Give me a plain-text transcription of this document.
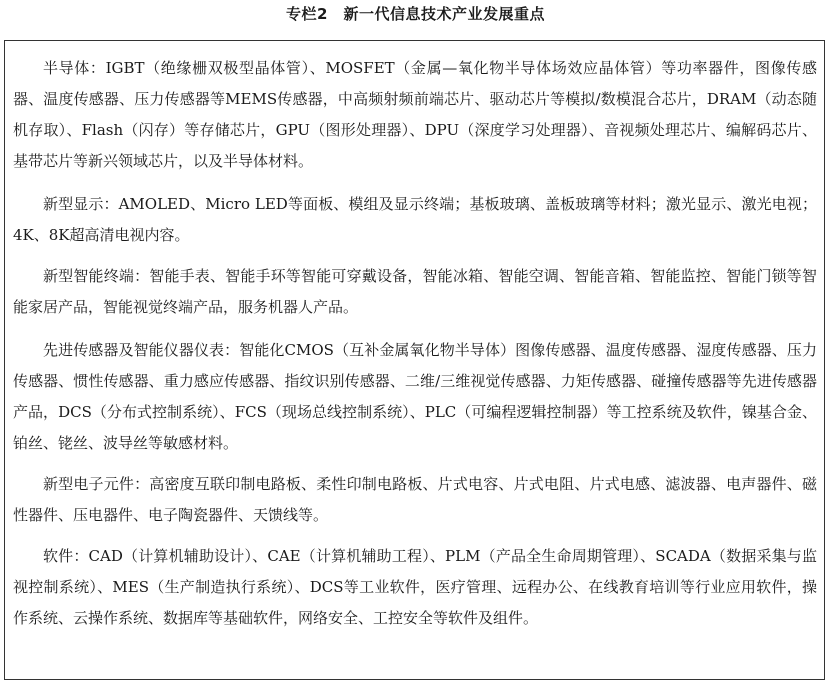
专栏2　新一代信息技术产业发展重点

半导体：IGBT（绝缘栅双极型晶体管）、MOSFET（金属—氧化物半导体场效应晶体管）等功率器件，图像传感器、温度传感器、压力传感器等MEMS传感器，中高频射频前端芯片、驱动芯片等模拟/数模混合芯片，DRAM（动态随机存取）、Flash（闪存）等存储芯片，GPU（图形处理器）、DPU（深度学习处理器）、音视频处理芯片、编解码芯片、基带芯片等新兴领域芯片，以及半导体材料。

新型显示：AMOLED、Micro LED等面板、模组及显示终端；基板玻璃、盖板玻璃等材料；激光显示、激光电视；4K、8K超高清电视内容。

新型智能终端：智能手表、智能手环等智能可穿戴设备，智能冰箱、智能空调、智能音箱、智能监控、智能门锁等智能家居产品，智能视觉终端产品，服务机器人产品。

先进传感器及智能仪器仪表：智能化CMOS（互补金属氧化物半导体）图像传感器、温度传感器、湿度传感器、压力传感器、惯性传感器、重力感应传感器、指纹识别传感器、二维/三维视觉传感器、力矩传感器、碰撞传感器等先进传感器产品，DCS（分布式控制系统）、FCS（现场总线控制系统）、PLC（可编程逻辑控制器）等工控系统及软件，镍基合金、铂丝、铑丝、波导丝等敏感材料。

新型电子元件：高密度互联印制电路板、柔性印制电路板、片式电容、片式电阻、片式电感、滤波器、电声器件、磁性器件、压电器件、电子陶瓷器件、天馈线等。

软件：CAD（计算机辅助设计）、CAE（计算机辅助工程）、PLM（产品全生命周期管理）、SCADA（数据采集与监视控制系统）、MES（生产制造执行系统）、DCS等工业软件，医疗管理、远程办公、在线教育培训等行业应用软件，操作系统、云操作系统、数据库等基础软件，网络安全、工控安全等软件及组件。
